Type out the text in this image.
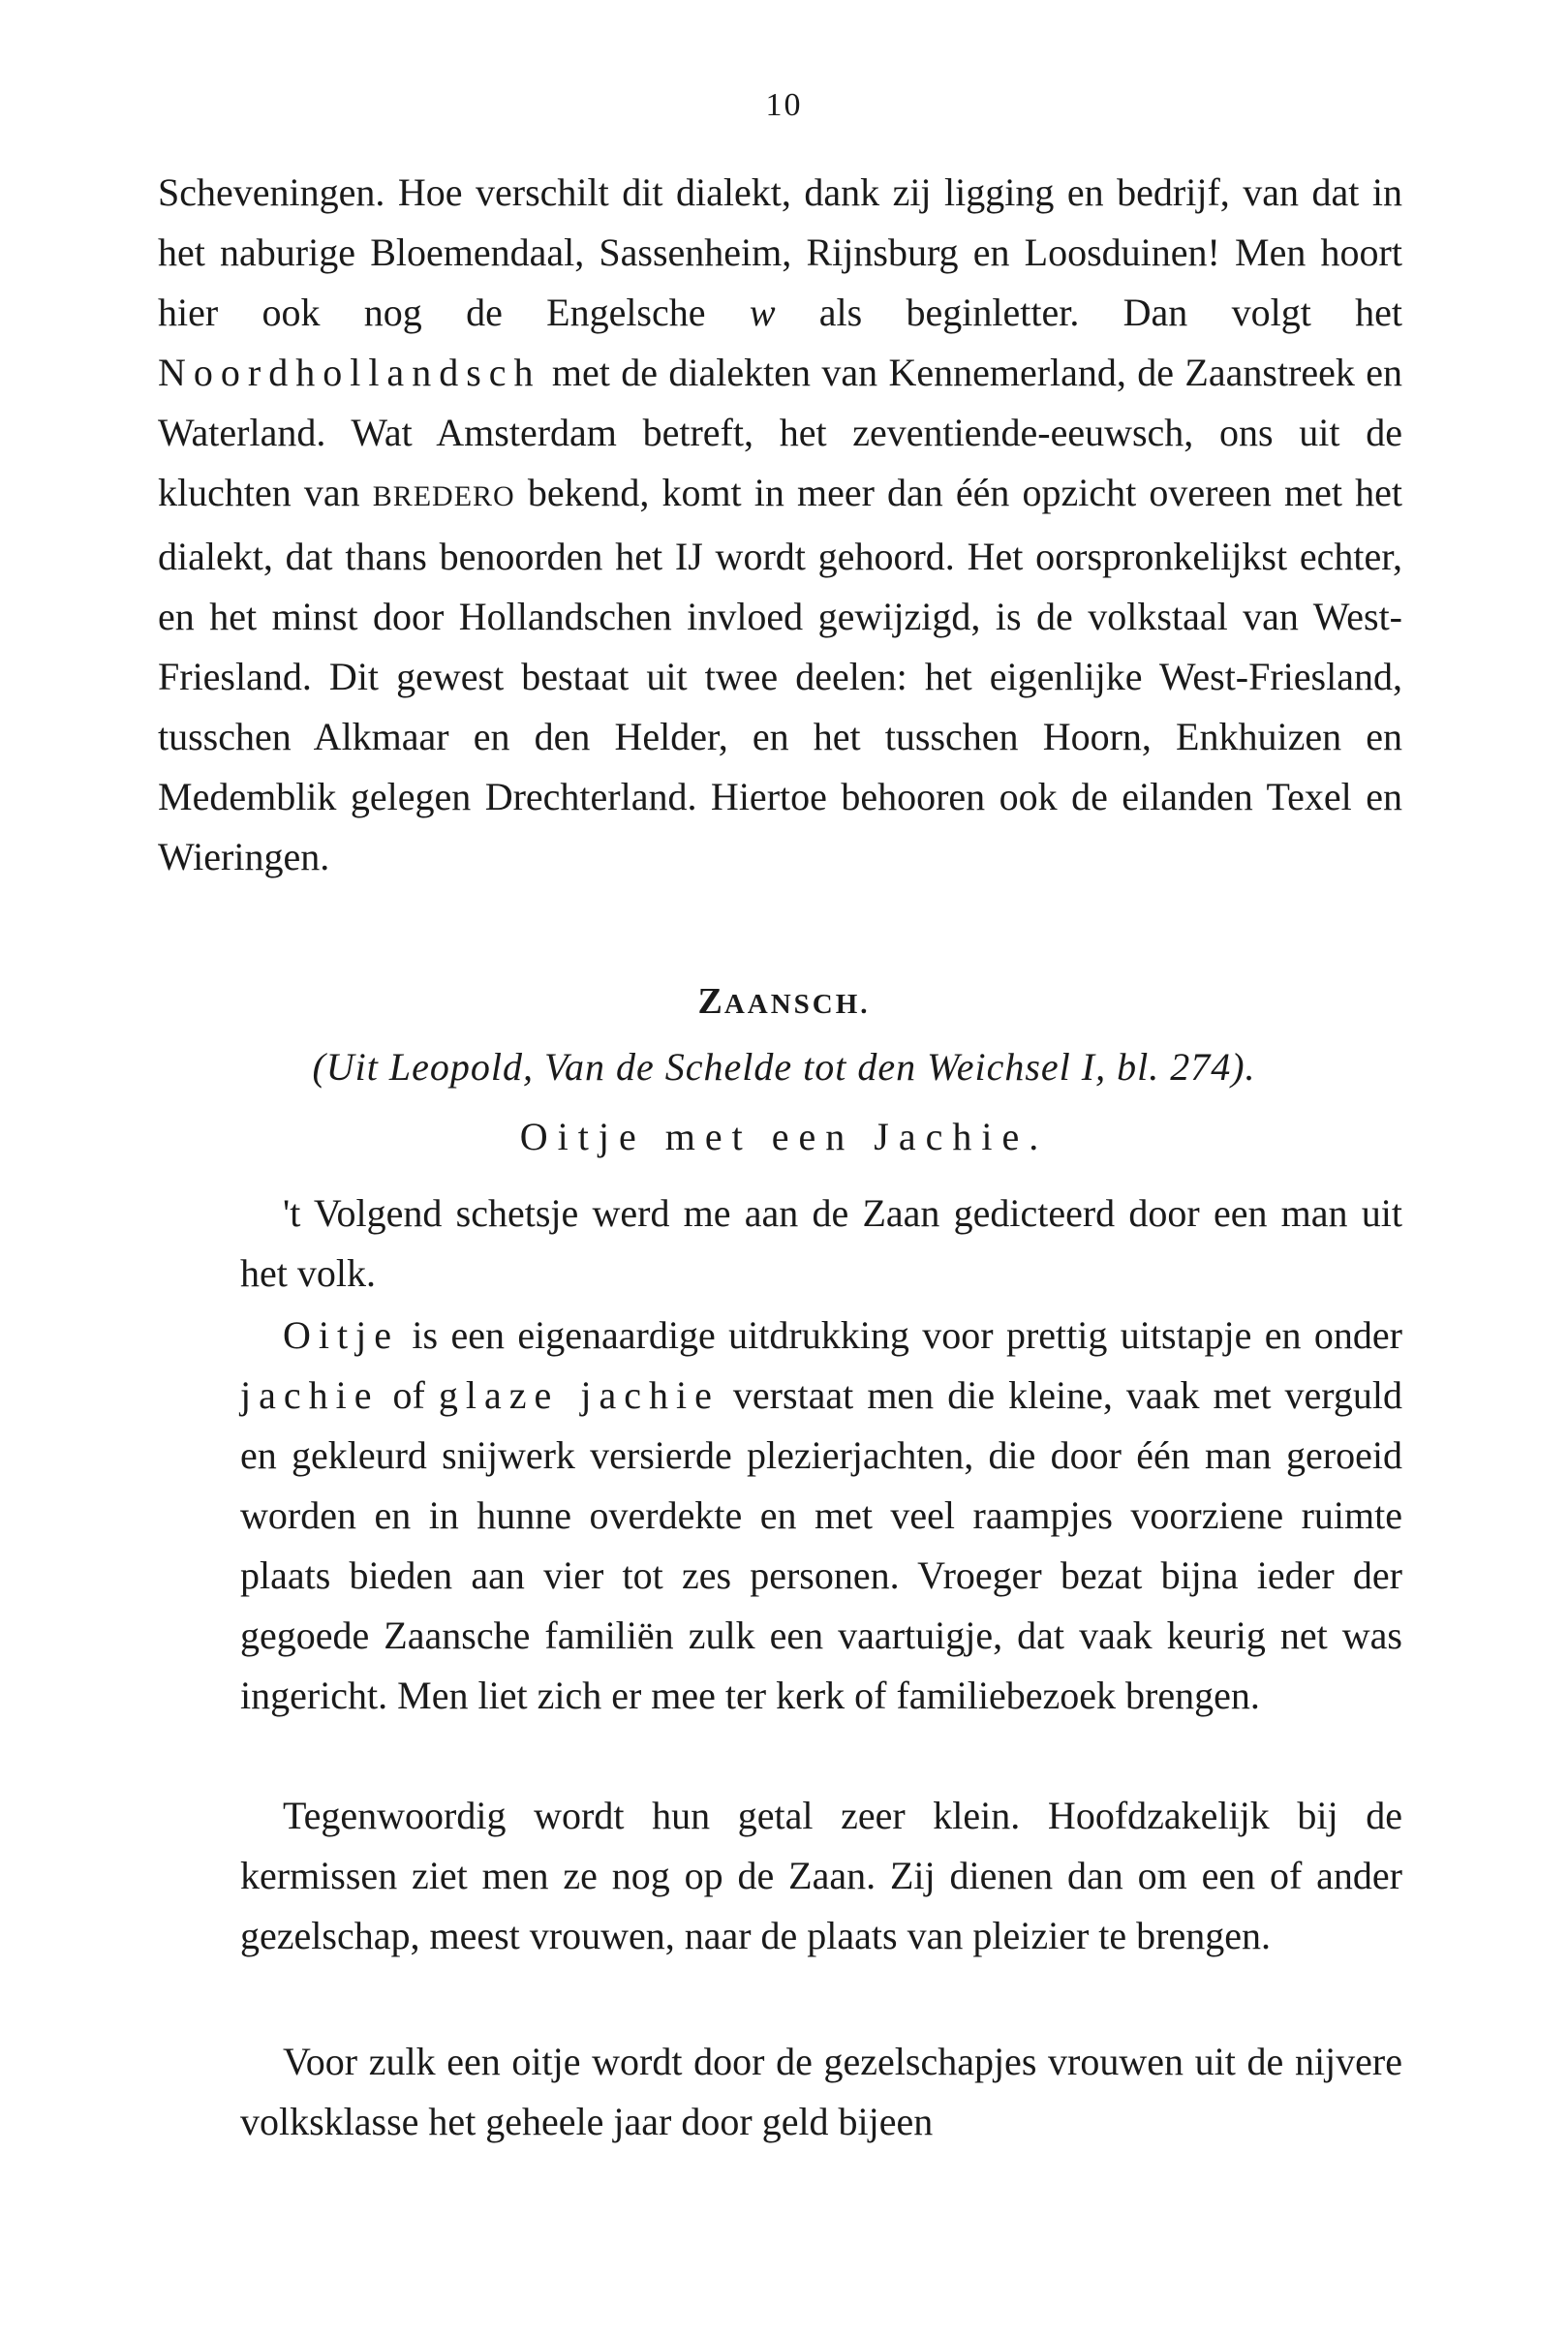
10

Scheveningen. Hoe verschilt dit dialekt, dank zij ligging en bedrijf, van dat in het naburige Bloemendaal, Sassenheim, Rijnsburg en Loosduinen! Men hoort hier ook nog de Engelsche w als beginletter. Dan volgt het Noordhollandsch met de dialekten van Kennemerland, de Zaanstreek en Waterland. Wat Amsterdam betreft, het zeventiende-eeuwsch, ons uit de kluchten van BREDERO bekend, komt in meer dan één opzicht overeen met het dialekt, dat thans benoorden het IJ wordt gehoord. Het oorspronkelijkst echter, en het minst door Hollandschen invloed gewijzigd, is de volkstaal van West-Friesland. Dit gewest bestaat uit twee deelen: het eigenlijke West-Friesland, tusschen Alkmaar en den Helder, en het tusschen Hoorn, Enkhuizen en Medemblik gelegen Drechterland. Hiertoe behooren ook de eilanden Texel en Wieringen.

ZAANSCH.
(Uit Leopold, Van de Schelde tot den Weichsel I, bl. 274).
Oitje met een Jachie.

't Volgend schetsje werd me aan de Zaan gedicteerd door een man uit het volk.

Oitje is een eigenaardige uitdrukking voor prettig uitstapje en onder jachie of glaze jachie verstaat men die kleine, vaak met verguld en gekleurd snijwerk versierde plezierjachten, die door één man geroeid worden en in hunne overdekte en met veel raampjes voorziene ruimte plaats bieden aan vier tot zes personen. Vroeger bezat bijna ieder der gegoede Zaansche familiën zulk een vaartuigje, dat vaak keurig net was ingericht. Men liet zich er mee ter kerk of familiebezoek brengen.

Tegenwoordig wordt hun getal zeer klein. Hoofdzakelijk bij de kermissen ziet men ze nog op de Zaan. Zij dienen dan om een of ander gezelschap, meest vrouwen, naar de plaats van pleizier te brengen.

Voor zulk een oitje wordt door de gezelschapjes vrouwen uit de nijvere volksklasse het geheele jaar door geld bijeen
